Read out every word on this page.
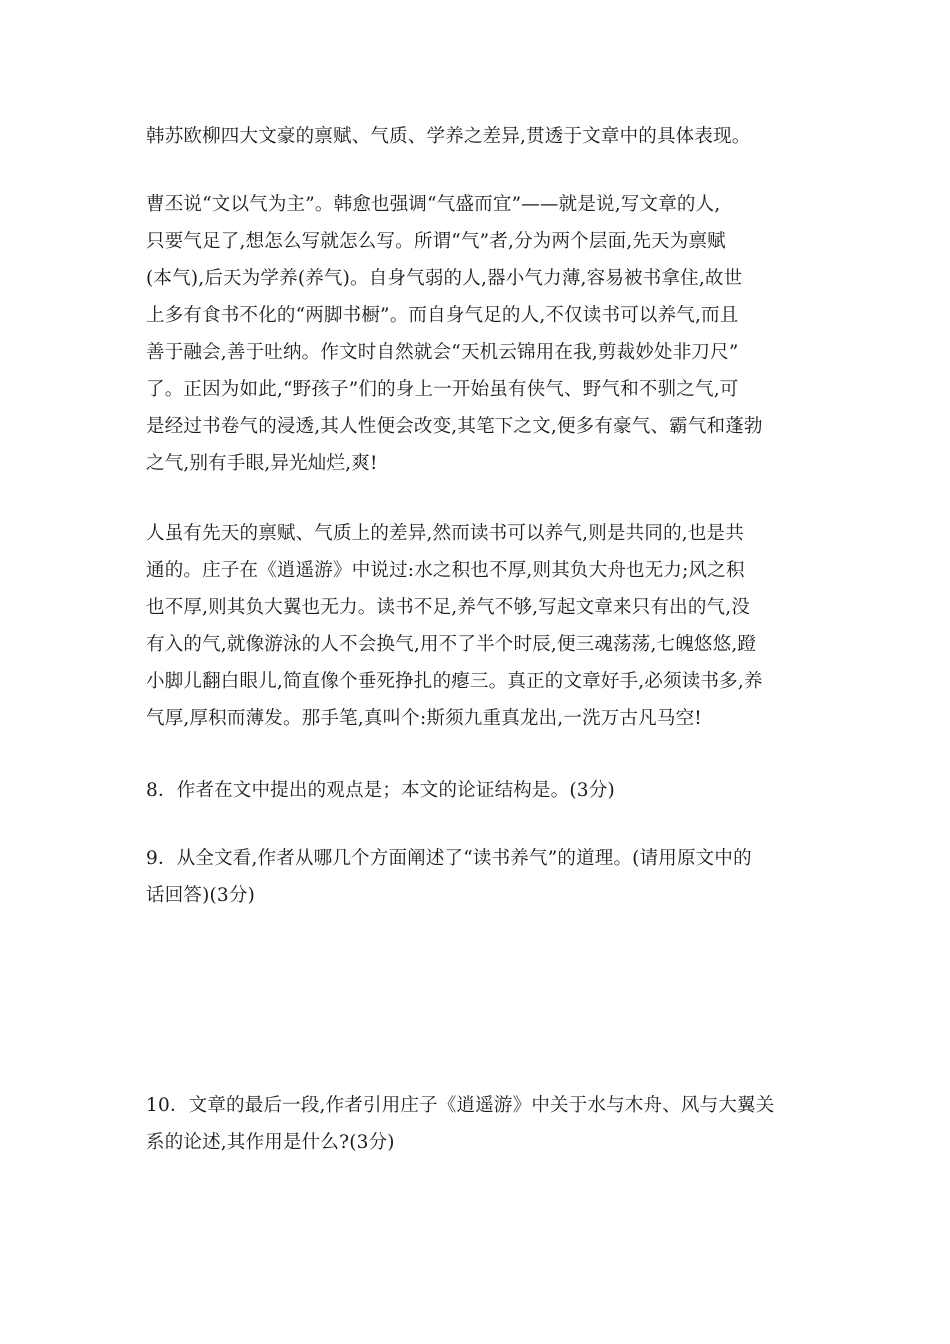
韩苏欧柳四大文豪的禀赋、气质、学养之差异,贯透于文章中的具体表现。
曹丕说“文以气为主”。韩愈也强调“气盛而宜”——就是说,写文章的人,
只要气足了,想怎么写就怎么写。所谓“气”者,分为两个层面,先天为禀赋
(本气),后天为学养(养气)。自身气弱的人,器小气力薄,容易被书拿住,故世
上多有食书不化的“两脚书橱”。而自身气足的人,不仅读书可以养气,而且
善于融会,善于吐纳。作文时自然就会“天机云锦用在我,剪裁妙处非刀尺”
了。正因为如此,“野孩子”们的身上一开始虽有侠气、野气和不驯之气,可
是经过书卷气的浸透,其人性便会改变,其笔下之文,便多有豪气、霸气和蓬勃
之气,别有手眼,异光灿烂,爽!
人虽有先天的禀赋、气质上的差异,然而读书可以养气,则是共同的,也是共
通的。庄子在《逍遥游》中说过:水之积也不厚,则其负大舟也无力;风之积
也不厚,则其负大翼也无力。读书不足,养气不够,写起文章来只有出的气,没
有入的气,就像游泳的人不会换气,用不了半个时辰,便三魂荡荡,七魄悠悠,蹬
小脚儿翻白眼儿,简直像个垂死挣扎的瘪三。真正的文章好手,必须读书多,养
气厚,厚积而薄发。那手笔,真叫个:斯须九重真龙出,一洗万古凡马空!
8．作者在文中提出的观点是；本文的论证结构是。(3分)
9．从全文看,作者从哪几个方面阐述了“读书养气”的道理。(请用原文中的
话回答)(3分)
10．文章的最后一段,作者引用庄子《逍遥游》中关于水与木舟、风与大翼关
系的论述,其作用是什么?(3分)
